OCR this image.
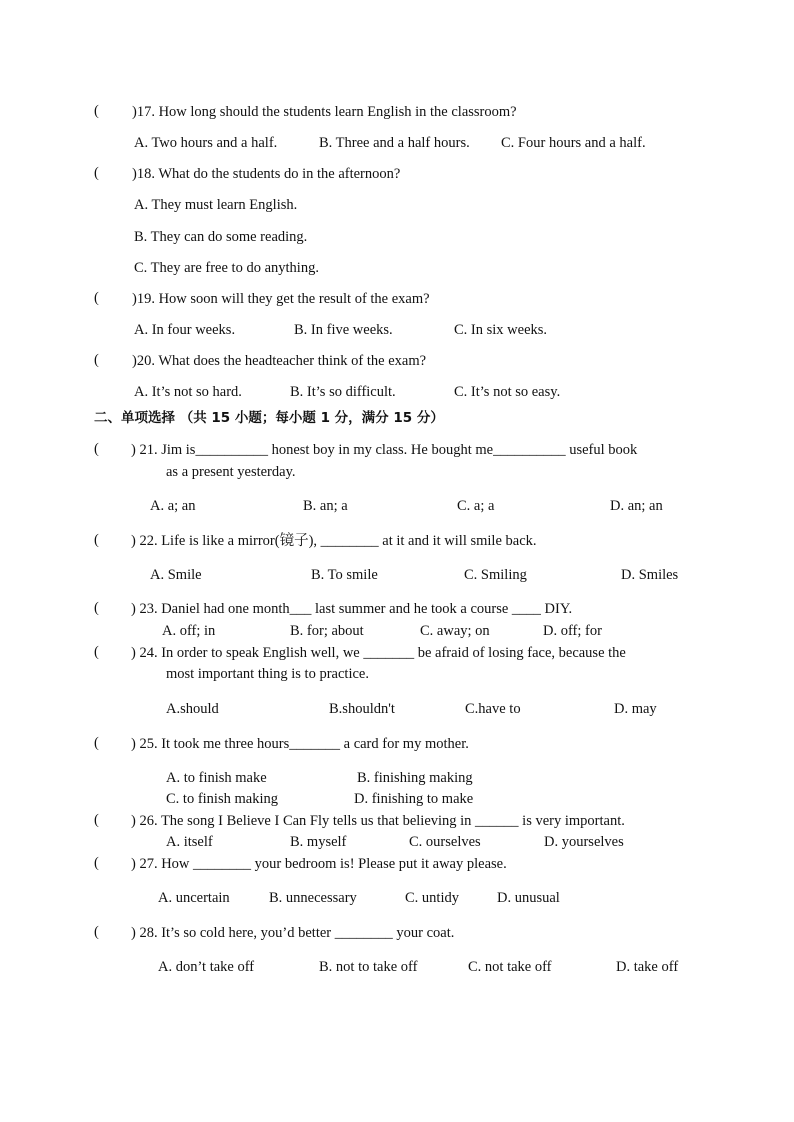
( )17. How long should the students learn English in the classroom?
A. Two hours and a half.	B. Three and a half hours. C. Four hours and a half.
( )18. What do the students do in the afternoon?
A. They must learn English.
B. They can do some reading.
C. They are free to do anything.
( )19. How soon will they get the result of the exam?
A. In four weeks.	B. In five weeks.	C. In six weeks.
( )20. What does the headteacher think of the exam?
A. It’s not so hard.	B. It’s so difficult.	C. It’s not so easy.
二、单项选择 （共 15 小题；每小题 1 分，满分 15 分）
( ) 21. Jim is__________ honest boy in my class. He bought me__________ useful book
as a present yesterday.
A. a; an	B. an; a	C. a; a	D. an; an
( ) 22. Life is like a mirror(镜子), ________ at it and it will smile back.
A. Smile	B. To smile	C. Smiling	D. Smiles
( ) 23. Daniel had one month___ last summer and he took a course ____ DIY.
A. off; in	B. for; about	C. away; on	D. off; for
( ) 24. In order to speak English well, we _______ be afraid of losing face, because the
most important thing is to practice.
A.should	B.shouldn't	C.have to	D. may
( ) 25. It took me three hours_______ a card for my mother.
A. to finish make	B. finishing making
C. to finish making	D. finishing to make
( ) 26. The song I Believe I Can Fly tells us that believing in ______ is very important.
A. itself	B. myself	C. ourselves	D. yourselves
( ) 27. How ________ your bedroom is! Please put it away please.
A. uncertain	B. unnecessary	C. untidy	D. unusual
( ) 28. It’s so cold here, you’d better ________ your coat.
A. don’t take off	B. not to take off	C. not take off	D. take off
